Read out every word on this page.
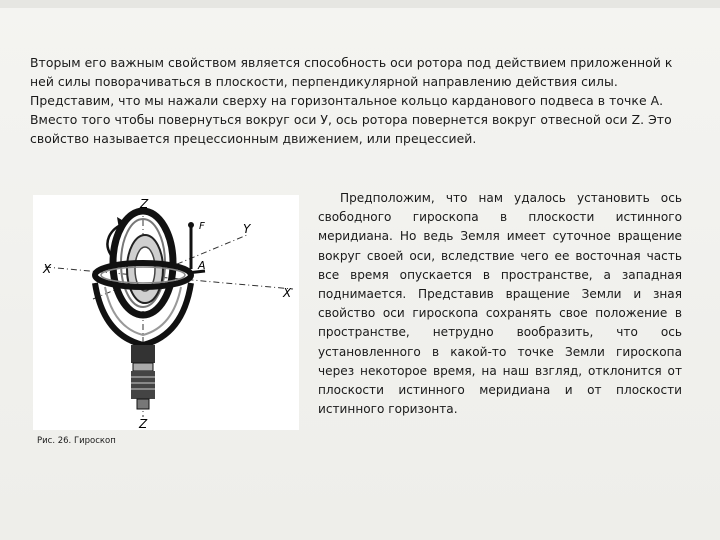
Вторым его важным свойством является способность оси ротора под действием приложенной к ней силы поворачиваться в плоскости, перпендикулярной направлению действия силы. Представим, что мы нажали сверху на горизонтальное кольцо карданового подвеса в точке А. Вместо того чтобы повернуться вокруг оси У, ось ротора повернется вокруг отвесной оси Z. Это свойство называется прецессионным движением, или прецессией.

Z
Z
X
X
Y
A
F

Рис. 26. Гироскоп

Предположим, что нам удалось установить ось свободного гироскопа в плоскости истинного меридиана. Но ведь Земля имеет суточное вращение вокруг своей оси, вследствие чего ее восточная часть все время опускается в пространстве, а западная поднимается. Представив вращение Земли и зная свойство оси гироскопа сохранять свое положение в пространстве, нетрудно вообразить, что ось установленного в какой-то точке Земли гироскопа через некоторое время, на наш взгляд, отклонится от плоскости истинного меридиана и от плоскости истинного горизонта.
